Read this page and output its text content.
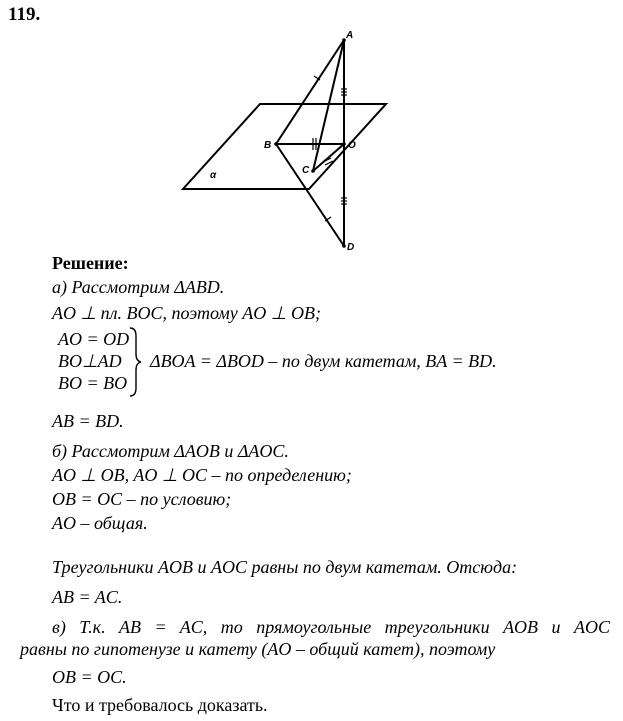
119.
A
B	O
C
D
α
Решение:
а) Рассмотрим ΔABD.
AO ⊥ пл. BOC, поэтому AO ⊥ OB;
AO = OD
BO⊥AD
BO = BO
ΔBOA = ΔBOD – по двум катетам, BA = BD.
AB = BD.
б) Рассмотрим ΔAOB и ΔAOC.
AO ⊥ OB, AO ⊥ OC – по определению;
OB = OC – по условию;
AO – общая.
Треугольники AOB и AOC равны по двум катетам. Отсюда:
AB = AC.
в) Т.к. AB = AC, то прямоугольные треугольники AOB и AOC
равны по гипотенузе и катету (AO – общий катет), поэтому
OB = OC.
Что и требовалось доказать.
